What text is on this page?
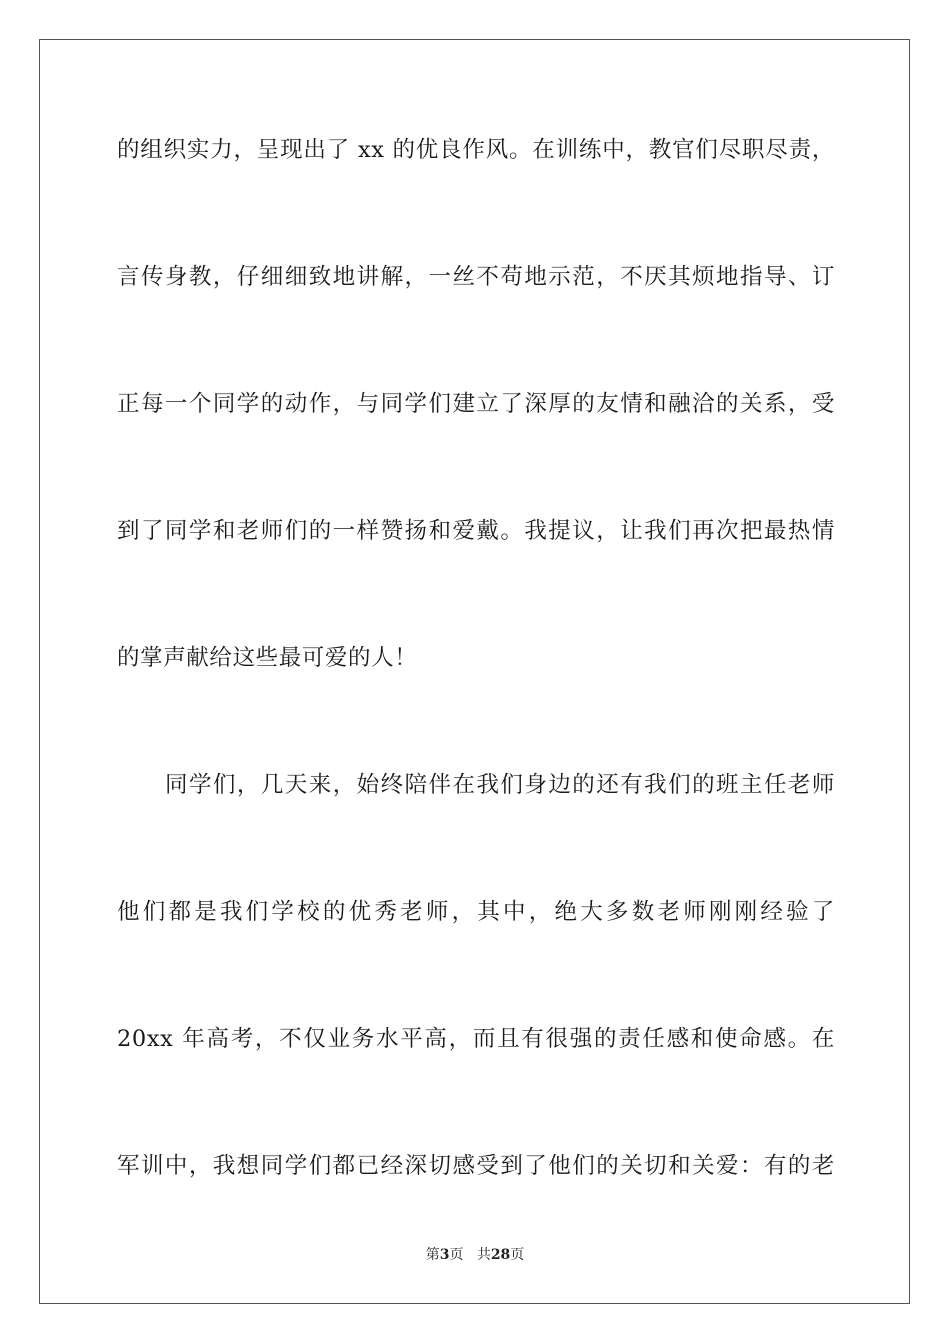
的组织实力，呈现出了 xx 的优良作风。在训练中，教官们尽职尽责，
言传身教，仔细细致地讲解，一丝不苟地示范，不厌其烦地指导、订
正每一个同学的动作，与同学们建立了深厚的友情和融洽的关系，受
到了同学和老师们的一样赞扬和爱戴。我提议，让我们再次把最热情
的掌声献给这些最可爱的人！
同学们，几天来，始终陪伴在我们身边的还有我们的班主任老师
他们都是我们学校的优秀老师，其中，绝大多数老师刚刚经验了
20xx 年高考，不仅业务水平高，而且有很强的责任感和使命感。在
军训中，我想同学们都已经深切感受到了他们的关切和关爱：有的老
第3页 共28页
